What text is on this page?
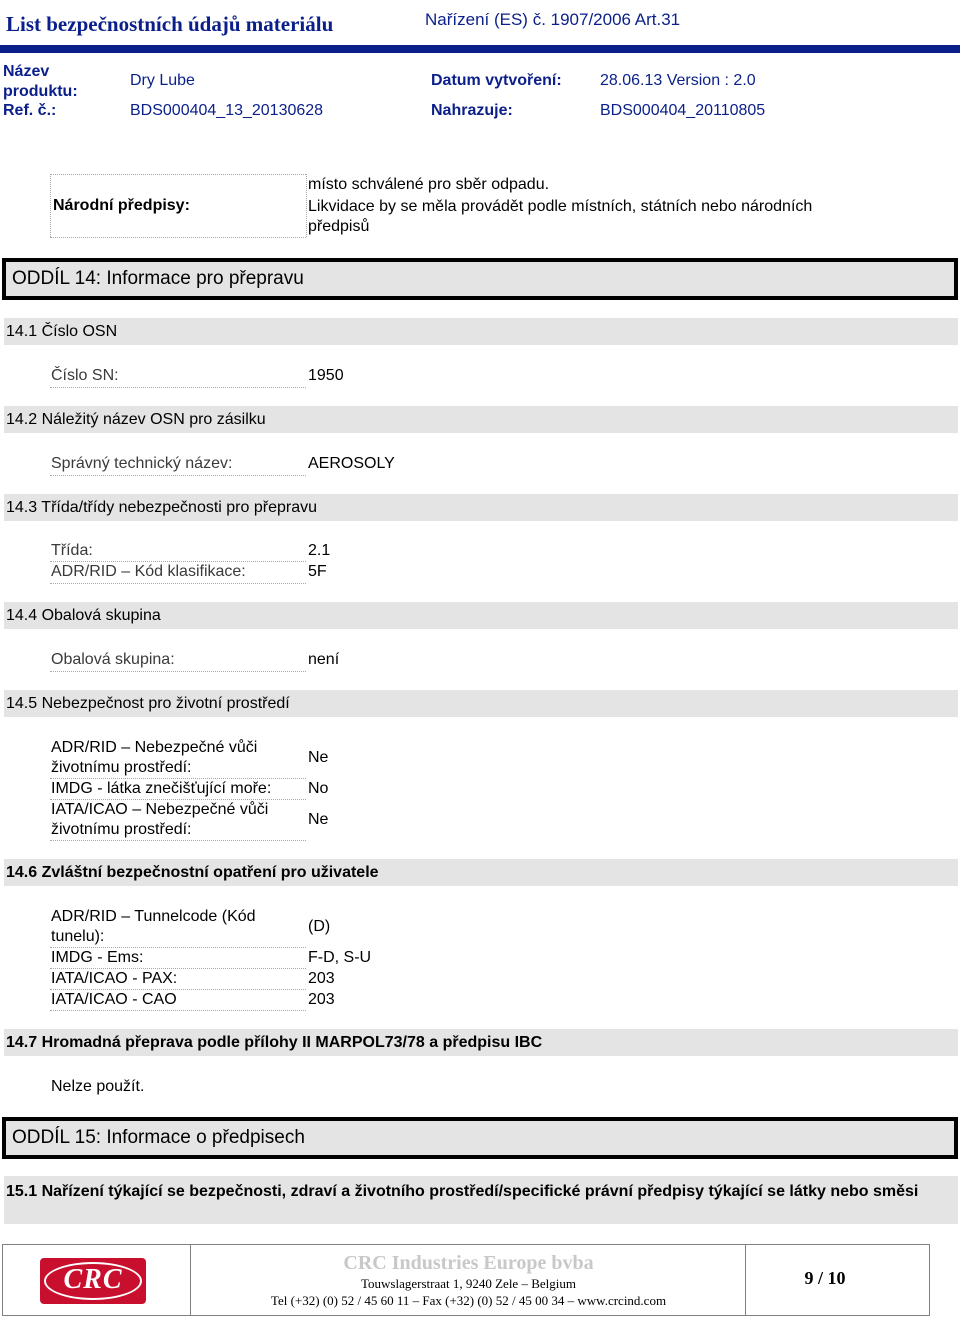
List bezpečnostních údajů materiálu	Nařízení (ES) č. 1907/2006 Art.31
Název
produktu:
Dry Lube	Datum vytvoření: 28.06.13 Version : 2.0
Ref. č.:	BDS000404_13_20130628	Nahrazuje:	BDS000404_20110805
Národní předpisy:
místo schválené pro sběr odpadu.
Likvidace by se měla provádět podle místních, státních nebo národních
předpisů
ODDÍL 14: Informace pro přepravu
14.1 Číslo OSN
Číslo SN:	1950
14.2 Náležitý název OSN pro zásilku
Správný technický název:	AEROSOLY
14.3 Třída/třídy nebezpečnosti pro přepravu
Třída:	2.1
ADR/RID – Kód klasifikace:	5F
14.4 Obalová skupina
Obalová skupina:	není
14.5 Nebezpečnost pro životní prostředí
ADR/RID – Nebezpečné vůči
životnímu prostředí:
Ne
IMDG - látka znečišťující moře: No
IATA/ICAO – Nebezpečné vůči
životnímu prostředí:
Ne
14.6 Zvláštní bezpečnostní opatření pro uživatele
ADR/RID – Tunnelcode (Kód
tunelu):
(D)
IMDG - Ems:	F-D, S-U
IATA/ICAO - PAX:	203
IATA/ICAO - CAO	203
14.7 Hromadná přeprava podle přílohy II MARPOL73/78 a předpisu IBC
Nelze použít.
ODDÍL 15: Informace o předpisech
15.1 Nařízení týkající se bezpečnosti, zdraví a životního prostředí/specifické právní předpisy týkající se látky nebo směsi
CRC
CRC Industries Europe bvba
Touwslagerstraat 1, 9240 Zele – Belgium
Tel (+32) (0) 52 / 45 60 11 – Fax (+32) (0) 52 / 45 00 34 – www.crcind.com
9 / 10
